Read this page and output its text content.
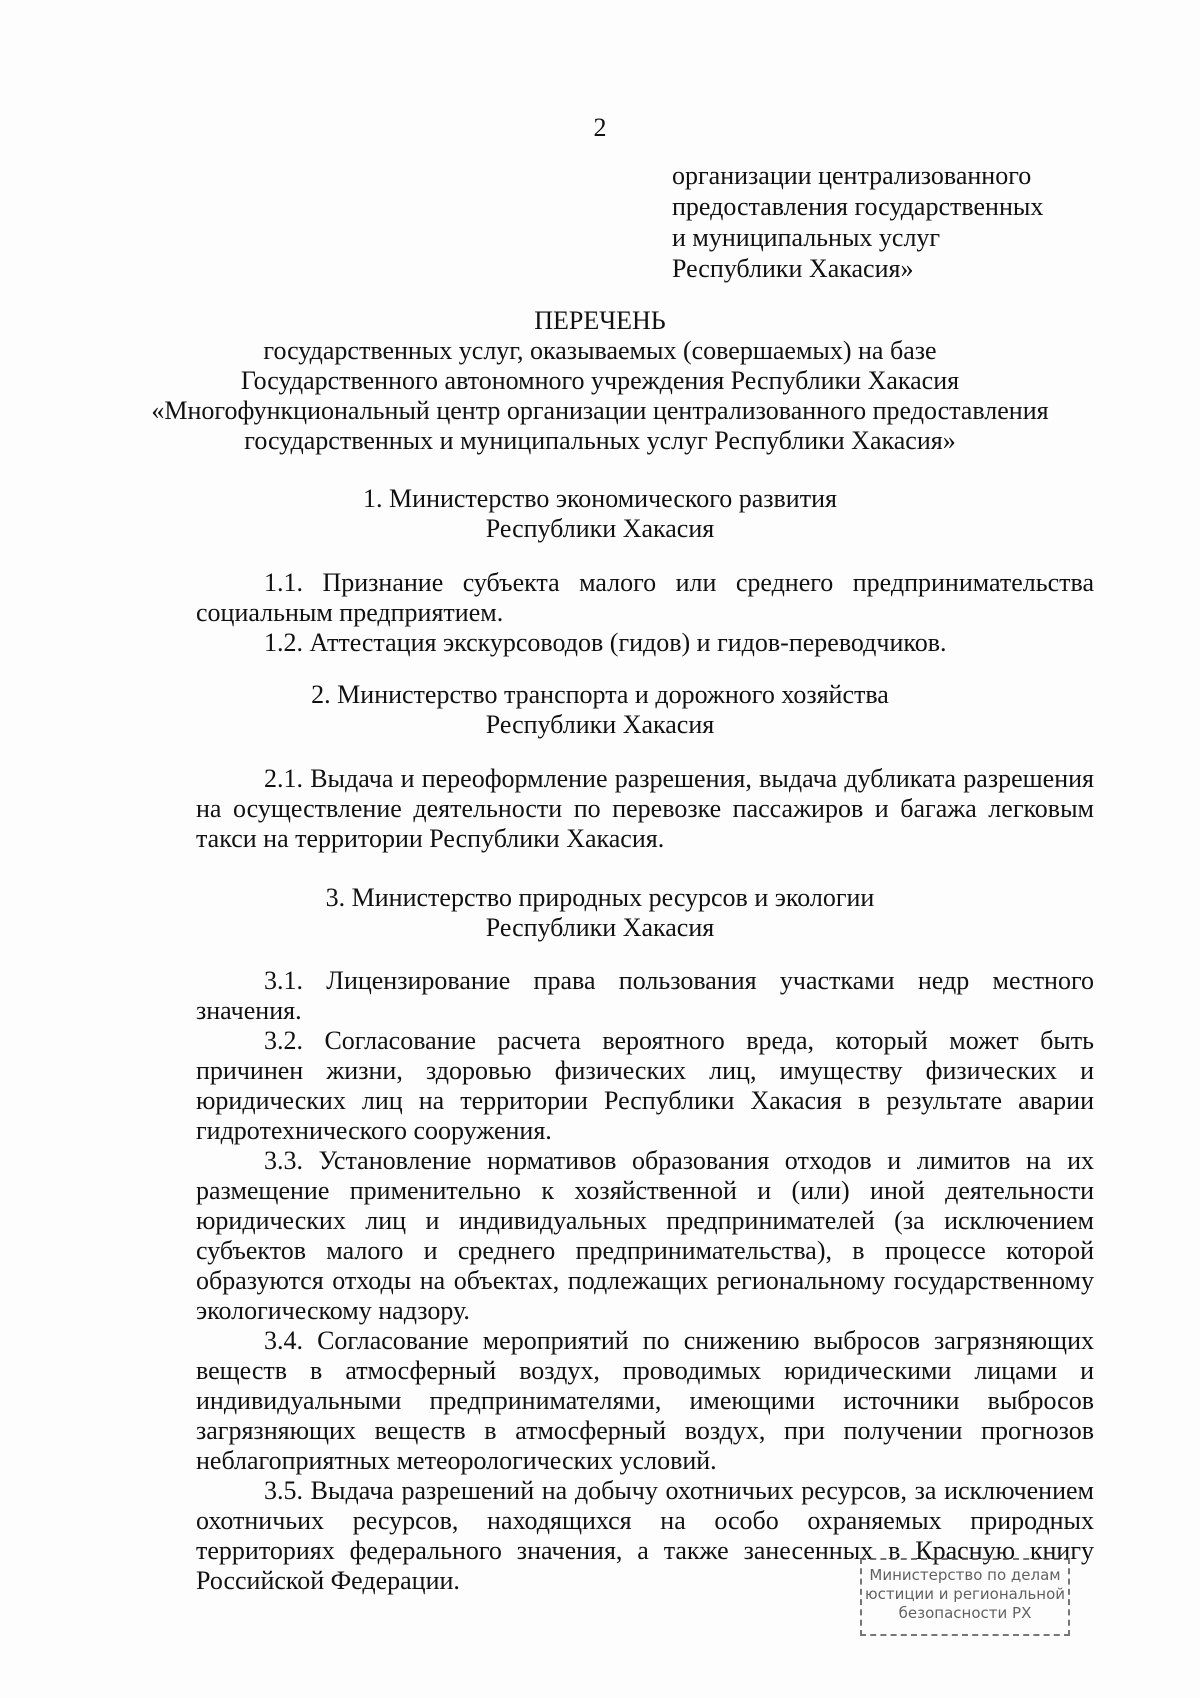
2
организации централизованного
предоставления государственных
и муниципальных услуг
Республики Хакасия»
ПЕРЕЧЕНЬ
государственных услуг, оказываемых (совершаемых) на базе
Государственного автономного учреждения Республики Хакасия
«Многофункциональный центр организации централизованного предоставления
государственных и муниципальных услуг Республики Хакасия»
1. Министерство экономического развития
Республики Хакасия

1.1. Признание субъекта малого или среднего предпринимательства социальным предприятием.

1.2. Аттестация экскурсоводов (гидов) и гидов-переводчиков.

2. Министерство транспорта и дорожного хозяйства
Республики Хакасия

2.1. Выдача и переоформление разрешения, выдача дубликата разрешения на осуществление деятельности по перевозке пассажиров и багажа легковым такси на территории Республики Хакасия.

3. Министерство природных ресурсов и экологии
Республики Хакасия

3.1. Лицензирование права пользования участками недр местного значения.

3.2. Согласование расчета вероятного вреда, который может быть причинен жизни, здоровью физических лиц, имуществу физических и юридических лиц на территории Республики Хакасия в результате аварии гидротехнического сооружения.

3.3. Установление нормативов образования отходов и лимитов на их размещение применительно к хозяйственной и (или) иной деятельности юридических лиц и индивидуальных предпринимателей (за исключением субъектов малого и среднего предпринимательства), в процессе которой образуются отходы на объектах, подлежащих региональному государственному экологическому надзору.

3.4. Согласование мероприятий по снижению выбросов загрязняющих веществ в атмосферный воздух, проводимых юридическими лицами и индивидуальными предпринимателями, имеющими источники выбросов загрязняющих веществ в атмосферный воздух, при получении прогнозов неблагоприятных метеорологических условий.

3.5. Выдача разрешений на добычу охотничьих ресурсов, за исключением охотничьих ресурсов, находящихся на особо охраняемых природных территориях федерального значения, а также занесенных в Красную книгу Российской Федерации.	Министерство по делам
юстиции и региональной
безопасности РХ
